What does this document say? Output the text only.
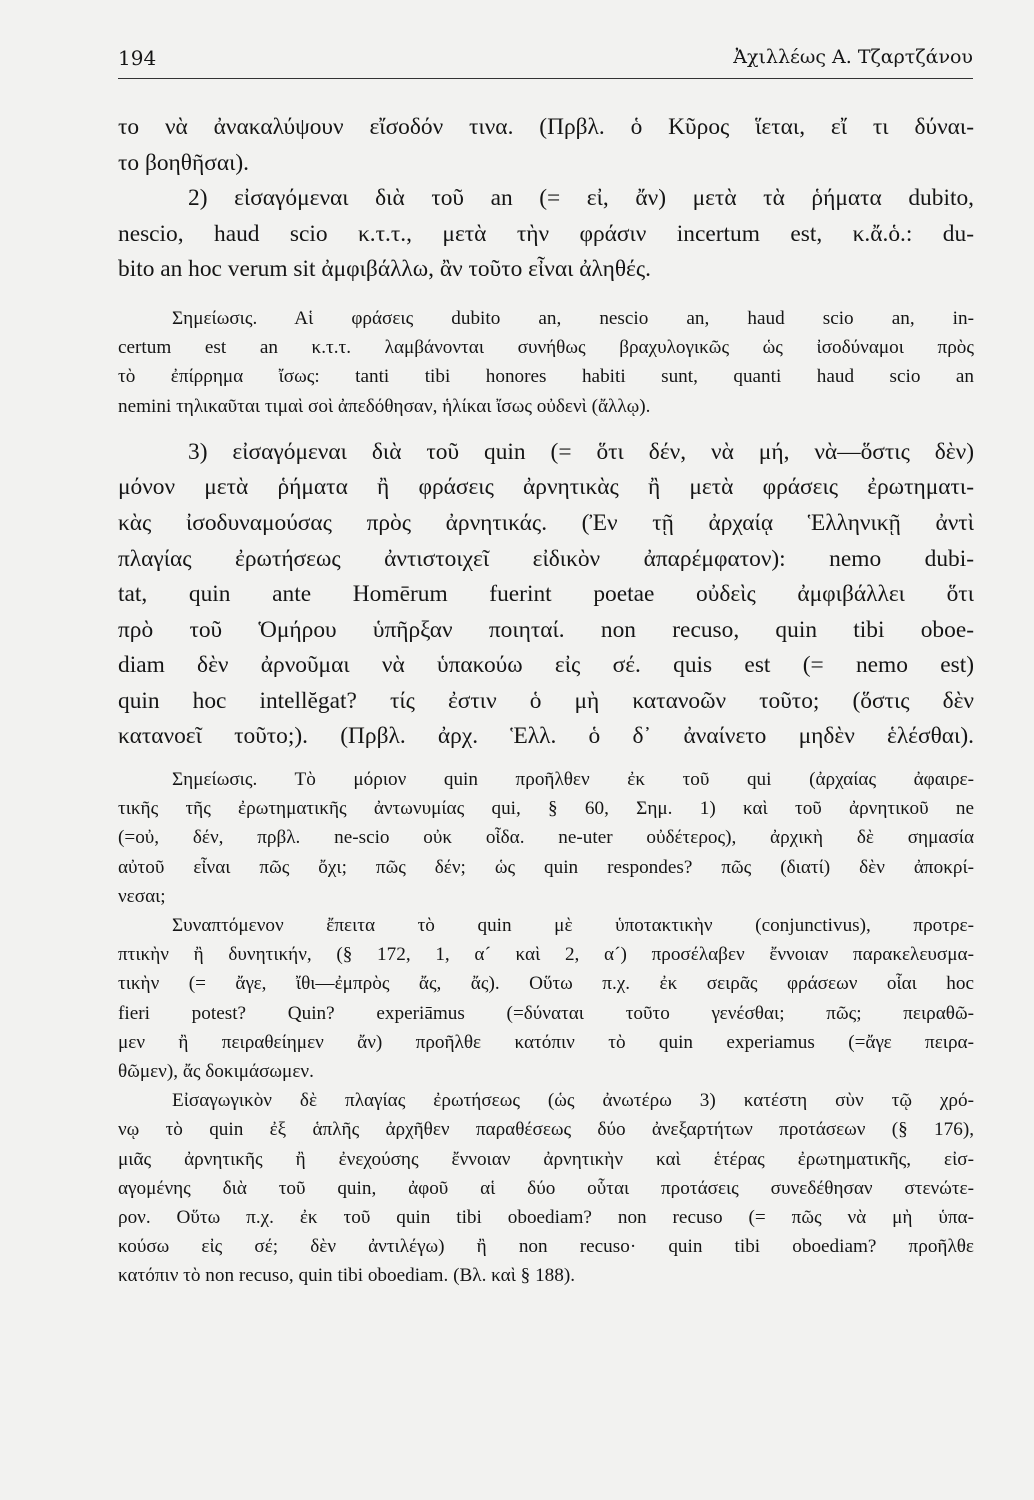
194	Ἀχιλλέως Α. Τζαρτζάνου
το νὰ ἀνακαλύψουν εἴσοδόν τινα. (Πρβλ. ὁ Κῦρος ἵεται, εἴ τι δύναι-
το βοηθῆσαι).
2) εἰσαγόμεναι διὰ τοῦ an (= εἰ, ἄν) μετὰ τὰ ῥήματα dubito,
nescio, haud scio κ.τ.τ., μετὰ τὴν φράσιν incertum est, κ.ἄ.ὁ.: du-
bito an hoc verum sit ἀμφιβάλλω, ἂν τοῦτο εἶναι ἀληθές.
Σημείωσις. Αἱ φράσεις dubito an, nescio an, haud scio an, in-
certum est an κ.τ.τ. λαμβάνονται συνήθως βραχυλογικῶς ὡς ἰσοδύναμοι πρὸς
τὸ ἐπίρρημα ἴσως: tanti tibi honores habiti sunt, quanti haud scio an
nemini τηλικαῦται τιμαὶ σοὶ ἀπεδόθησαν, ἡλίκαι ἴσως οὐδενὶ (ἄλλῳ).
3) εἰσαγόμεναι διὰ τοῦ quin (= ὅτι δέν, νὰ μή, νὰ—ὅστις δὲν)
μόνον μετὰ ῥήματα ἢ φράσεις ἀρνητικὰς ἢ μετὰ φράσεις ἐρωτηματι-
κὰς ἰσοδυναμούσας πρὸς ἀρνητικάς. (Ἐν τῇ ἀρχαίᾳ Ἑλληνικῇ ἀντὶ
πλαγίας ἐρωτήσεως ἀντιστοιχεῖ εἰδικὸν ἀπαρέμφατον): nemo dubi-
tat, quin ante Homērum fuerint poetae οὐδεὶς ἀμφιβάλλει ὅτι
πρὸ τοῦ Ὁμήρου ὑπῆρξαν ποιηταί. non recuso, quin tibi oboe-
diam δὲν ἀρνοῦμαι νὰ ὑπακούω εἰς σέ. quis est (= nemo est)
quin hoc intellĕgat? τίς ἐστιν ὁ μὴ κατανοῶν τοῦτο; (ὅστις δὲν
κατανοεῖ τοῦτο;). (Πρβλ. ἀρχ. Ἑλλ. ὁ δ᾽ ἀναίνετο μηδὲν ἑλέσθαι).
Σημείωσις. Τὸ μόριον quin προῆλθεν ἐκ τοῦ qui (ἀρχαίας ἀφαιρε-
τικῆς τῆς ἐρωτηματικῆς ἀντωνυμίας qui, § 60, Σημ. 1) καὶ τοῦ ἀρνητικοῦ ne
(=οὐ, δέν, πρβλ. ne-scio οὐκ οἶδα. ne-uter οὐδέτερος), ἀρχικὴ δὲ σημασία
αὐτοῦ εἶναι πῶς ὄχι; πῶς δέν; ὡς quin respondes? πῶς (διατί) δὲν ἀποκρί-
νεσαι;
Συναπτόμενον ἔπειτα τὸ quin μὲ ὑποτακτικὴν (conjunctivus), προτρε-
πτικὴν ἢ δυνητικήν, (§ 172, 1, α´ καὶ 2, α´) προσέλαβεν ἔννοιαν παρακελευσμα-
τικὴν (= ἄγε, ἴθι—ἐμπρὸς ἄς, ἄς). Οὕτω π.χ. ἐκ σειρᾶς φράσεων οἷαι hoc
fieri potest? Quin? experiāmus (=δύναται τοῦτο γενέσθαι; πῶς; πειραθῶ-
μεν ἢ πειραθείημεν ἄν) προῆλθε κατόπιν τὸ quin experiamus (=ἄγε πειρα-
θῶμεν), ἄς δοκιμάσωμεν.
Εἰσαγωγικὸν δὲ πλαγίας ἐρωτήσεως (ὡς ἀνωτέρω 3) κατέστη σὺν τῷ χρό-
νῳ τὸ quin ἐξ ἁπλῆς ἀρχῆθεν παραθέσεως δύο ἀνεξαρτήτων προτάσεων (§ 176),
μιᾶς ἀρνητικῆς ἢ ἐνεχούσης ἔννοιαν ἀρνητικὴν καὶ ἑτέρας ἐρωτηματικῆς, εἰσ-
αγομένης διὰ τοῦ quin, ἀφοῦ αἱ δύο οὗται προτάσεις συνεδέθησαν στενώτε-
ρον. Οὕτω π.χ. ἐκ τοῦ quin tibi oboediam? non recuso (= πῶς νὰ μὴ ὑπα-
κούσω εἰς σέ; δὲν ἀντιλέγω) ἢ non recuso· quin tibi oboediam? προῆλθε
κατόπιν τὸ non recuso, quin tibi oboediam. (Βλ. καὶ § 188).
